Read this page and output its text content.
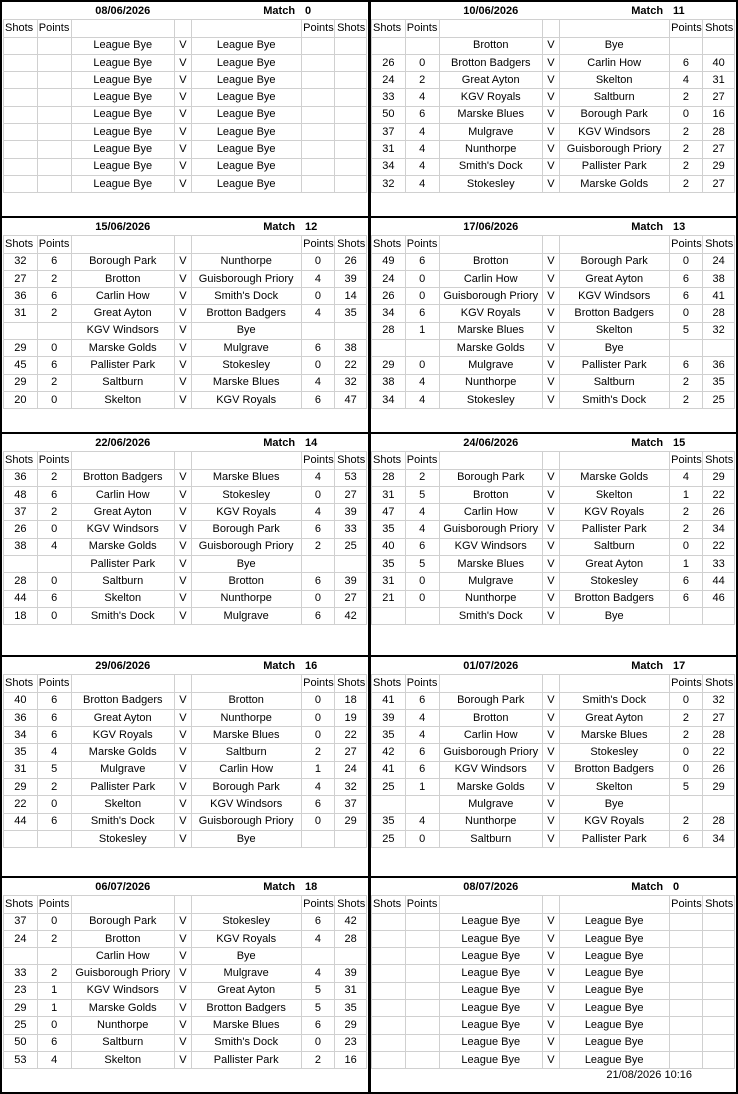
21/08/2026 10:16
		08/06/2026		Match	0	
Shots	Points				Points	Shots
		League Bye	V	League Bye		
		League Bye	V	League Bye		
		League Bye	V	League Bye		
		League Bye	V	League Bye		
		League Bye	V	League Bye		
		League Bye	V	League Bye		
		League Bye	V	League Bye		
		League Bye	V	League Bye		
		League Bye	V	League Bye		

		10/06/2026		Match	11	
Shots	Points				Points	Shots
		Brotton	V	Bye		
26	0	Brotton Badgers	V	Carlin How	6	40
24	2	Great Ayton	V	Skelton	4	31
33	4	KGV Royals	V	Saltburn	2	27
50	6	Marske Blues	V	Borough Park	0	16
37	4	Mulgrave	V	KGV Windsors	2	28
31	4	Nunthorpe	V	Guisborough Priory	2	27
34	4	Smith's Dock	V	Pallister Park	2	29
32	4	Stokesley	V	Marske Golds	2	27

		15/06/2026		Match	12	
Shots	Points				Points	Shots
32	6	Borough Park	V	Nunthorpe	0	26
27	2	Brotton	V	Guisborough Priory	4	39
36	6	Carlin How	V	Smith's Dock	0	14
31	2	Great Ayton	V	Brotton Badgers	4	35
		KGV Windsors	V	Bye		
29	0	Marske Golds	V	Mulgrave	6	38
45	6	Pallister Park	V	Stokesley	0	22
29	2	Saltburn	V	Marske Blues	4	32
20	0	Skelton	V	KGV Royals	6	47

		17/06/2026		Match	13	
Shots	Points				Points	Shots
49	6	Brotton	V	Borough Park	0	24
24	0	Carlin How	V	Great Ayton	6	38
26	0	Guisborough Priory	V	KGV Windsors	6	41
34	6	KGV Royals	V	Brotton Badgers	0	28
28	1	Marske Blues	V	Skelton	5	32
		Marske Golds	V	Bye		
29	0	Mulgrave	V	Pallister Park	6	36
38	4	Nunthorpe	V	Saltburn	2	35
34	4	Stokesley	V	Smith's Dock	2	25

		22/06/2026		Match	14	
Shots	Points				Points	Shots
36	2	Brotton Badgers	V	Marske Blues	4	53
48	6	Carlin How	V	Stokesley	0	27
37	2	Great Ayton	V	KGV Royals	4	39
26	0	KGV Windsors	V	Borough Park	6	33
38	4	Marske Golds	V	Guisborough Priory	2	25
		Pallister Park	V	Bye		
28	0	Saltburn	V	Brotton	6	39
44	6	Skelton	V	Nunthorpe	0	27
18	0	Smith's Dock	V	Mulgrave	6	42

		24/06/2026		Match	15	
Shots	Points				Points	Shots
28	2	Borough Park	V	Marske Golds	4	29
31	5	Brotton	V	Skelton	1	22
47	4	Carlin How	V	KGV Royals	2	26
35	4	Guisborough Priory	V	Pallister Park	2	34
40	6	KGV Windsors	V	Saltburn	0	22
35	5	Marske Blues	V	Great Ayton	1	33
31	0	Mulgrave	V	Stokesley	6	44
21	0	Nunthorpe	V	Brotton Badgers	6	46
		Smith's Dock	V	Bye		

		29/06/2026		Match	16	
Shots	Points				Points	Shots
40	6	Brotton Badgers	V	Brotton	0	18
36	6	Great Ayton	V	Nunthorpe	0	19
34	6	KGV Royals	V	Marske Blues	0	22
35	4	Marske Golds	V	Saltburn	2	27
31	5	Mulgrave	V	Carlin How	1	24
29	2	Pallister Park	V	Borough Park	4	32
22	0	Skelton	V	KGV Windsors	6	37
44	6	Smith's Dock	V	Guisborough Priory	0	29
		Stokesley	V	Bye		

		01/07/2026		Match	17	
Shots	Points				Points	Shots
41	6	Borough Park	V	Smith's Dock	0	32
39	4	Brotton	V	Great Ayton	2	27
35	4	Carlin How	V	Marske Blues	2	28
42	6	Guisborough Priory	V	Stokesley	0	22
41	6	KGV Windsors	V	Brotton Badgers	0	26
25	1	Marske Golds	V	Skelton	5	29
		Mulgrave	V	Bye		
35	4	Nunthorpe	V	KGV Royals	2	28
25	0	Saltburn	V	Pallister Park	6	34

		06/07/2026		Match	18	
Shots	Points				Points	Shots
37	0	Borough Park	V	Stokesley	6	42
24	2	Brotton	V	KGV Royals	4	28
		Carlin How	V	Bye		
33	2	Guisborough Priory	V	Mulgrave	4	39
23	1	KGV Windsors	V	Great Ayton	5	31
29	1	Marske Golds	V	Brotton Badgers	5	35
25	0	Nunthorpe	V	Marske Blues	6	29
50	6	Saltburn	V	Smith's Dock	0	23
53	4	Skelton	V	Pallister Park	2	16

		08/07/2026		Match	0	
Shots	Points				Points	Shots
		League Bye	V	League Bye		
		League Bye	V	League Bye		
		League Bye	V	League Bye		
		League Bye	V	League Bye		
		League Bye	V	League Bye		
		League Bye	V	League Bye		
		League Bye	V	League Bye		
		League Bye	V	League Bye		
		League Bye	V	League Bye		
